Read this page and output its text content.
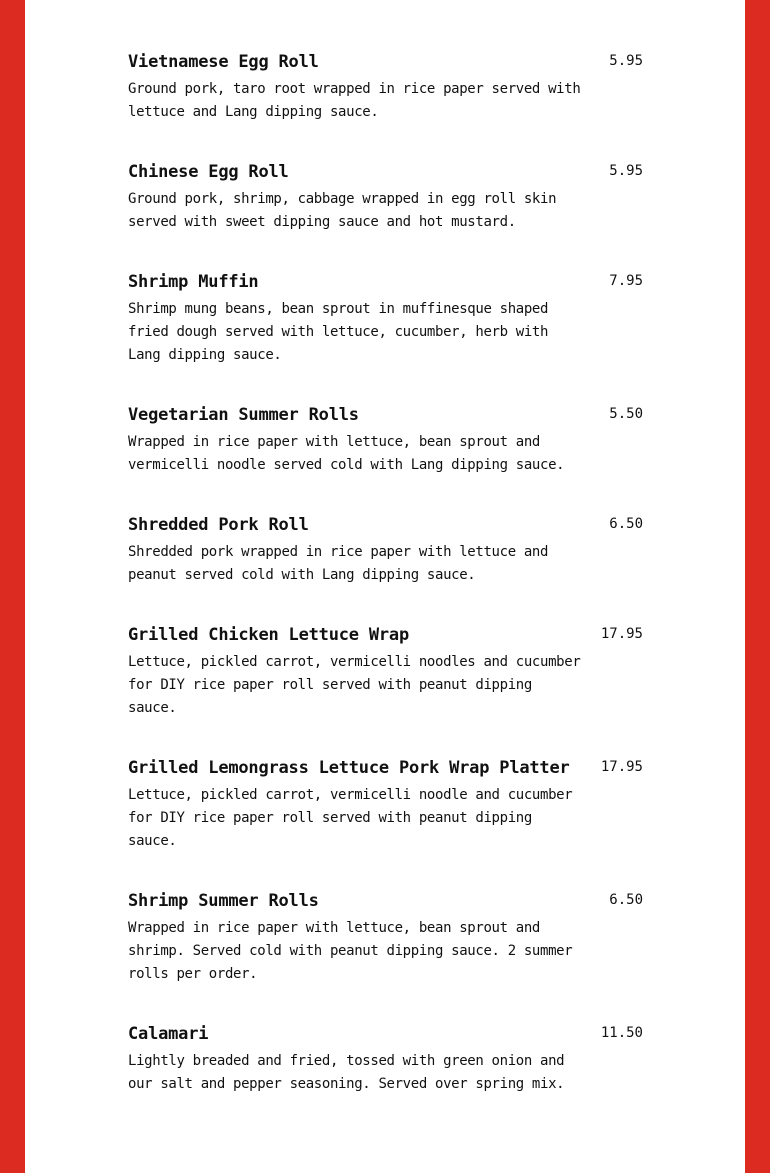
Vietnamese Egg Roll	5.95

Ground pork, taro root wrapped in rice paper served with lettuce and Lang dipping sauce.

Chinese Egg Roll	5.95

Ground pork, shrimp, cabbage wrapped in egg roll skin served with sweet dipping sauce and hot mustard.

Shrimp Muffin	7.95

Shrimp mung beans, bean sprout in muffinesque shaped fried dough served with lettuce, cucumber, herb with Lang dipping sauce.

Vegetarian Summer Rolls	5.50

Wrapped in rice paper with lettuce, bean sprout and vermicelli noodle served cold with Lang dipping sauce.

Shredded Pork Roll	6.50

Shredded pork wrapped in rice paper with lettuce and peanut served cold with Lang dipping sauce.

Grilled Chicken Lettuce Wrap	17.95

Lettuce, pickled carrot, vermicelli noodles and cucumber for DIY rice paper roll served with peanut dipping sauce.

Grilled Lemongrass Lettuce Pork Wrap Platter	17.95

Lettuce, pickled carrot, vermicelli noodle and cucumber for DIY rice paper roll served with peanut dipping sauce.

Shrimp Summer Rolls	6.50

Wrapped in rice paper with lettuce, bean sprout and shrimp. Served cold with peanut dipping sauce. 2 summer rolls per order.

Calamari	11.50

Lightly breaded and fried, tossed with green onion and our salt and pepper seasoning. Served over spring mix.
